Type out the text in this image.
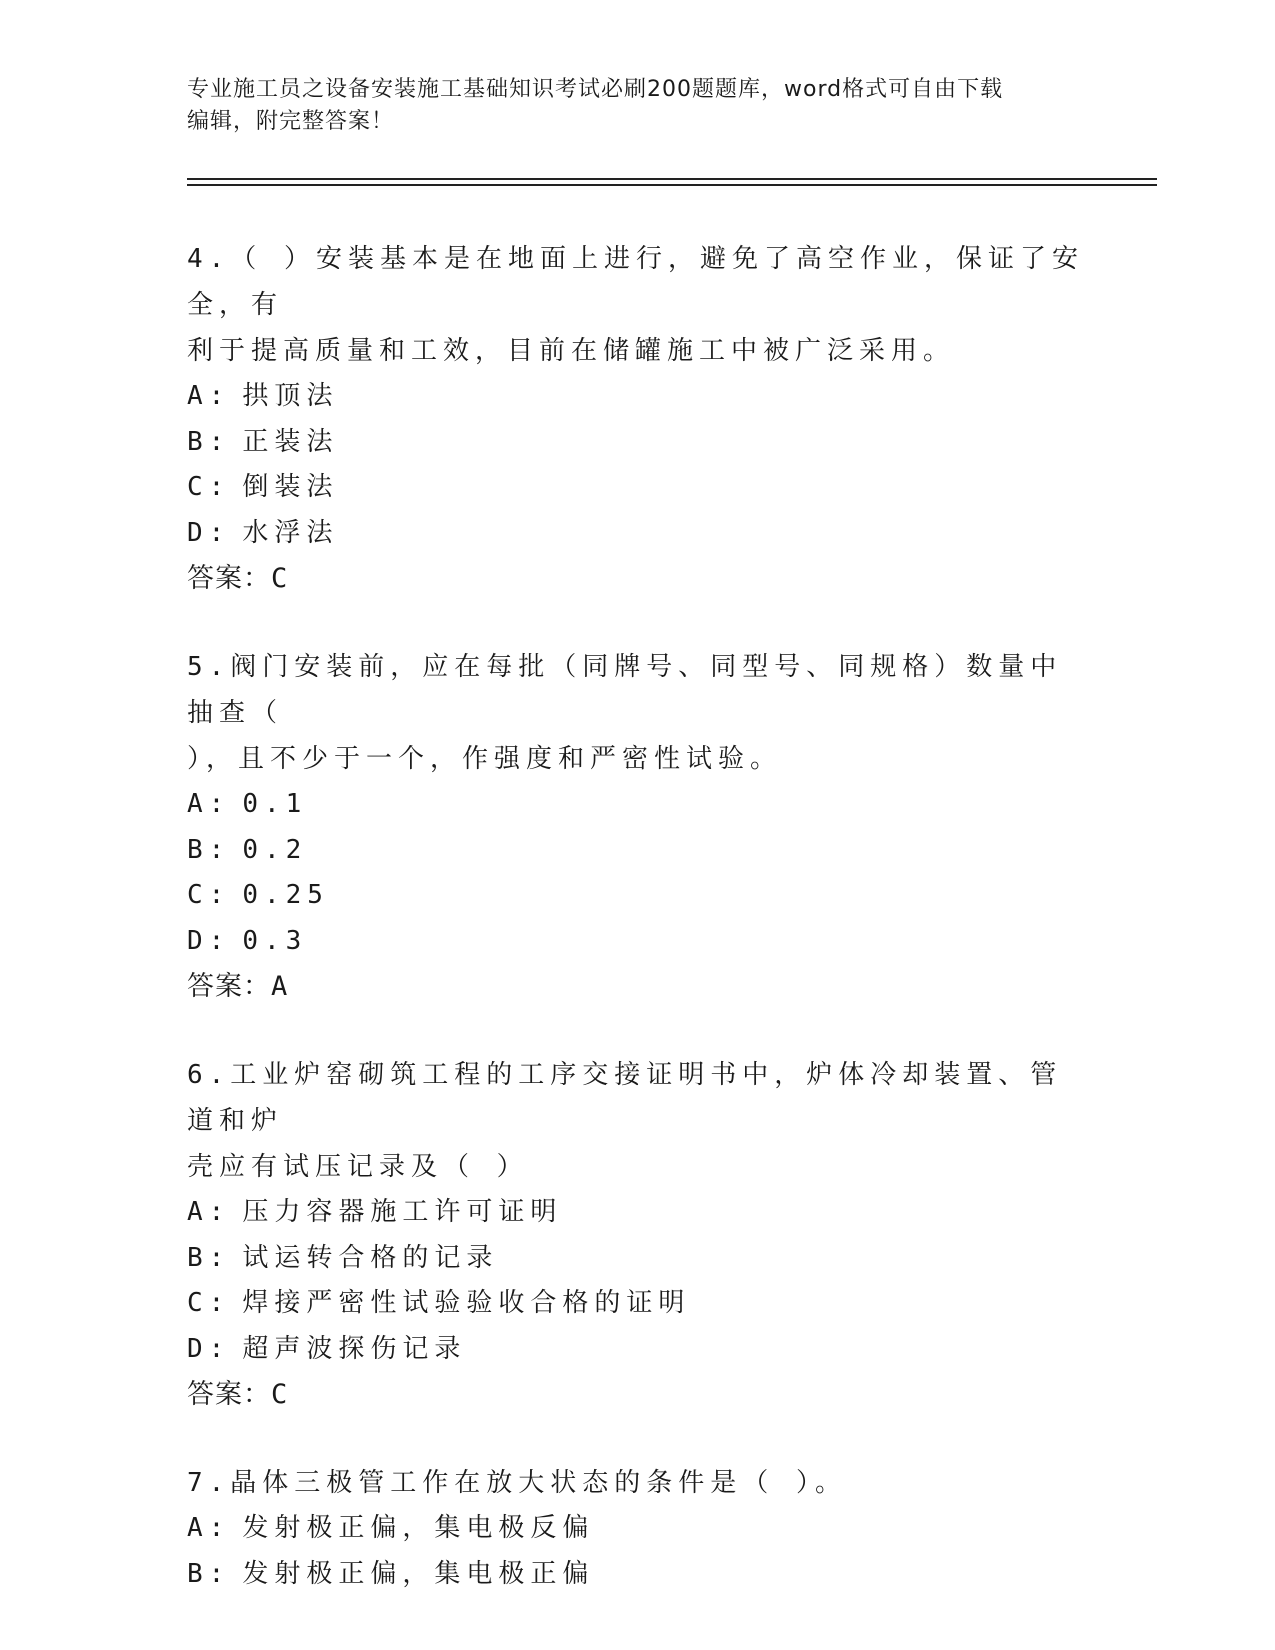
专业施工员之设备安装施工基础知识考试必刷200题题库，word格式可自由下载
编辑，附完整答案！
4.（ ）安装基本是在地面上进行，避免了高空作业，保证了安全，有
利于提高质量和工效，目前在储罐施工中被广泛采用。
A: 拱顶法
B: 正装法
C: 倒装法
D: 水浮法
答案：C
5.阀门安装前，应在每批（同牌号、同型号、同规格）数量中抽查（
），且不少于一个，作强度和严密性试验。
A: 0.1
B: 0.2
C: 0.25
D: 0.3
答案：A
6.工业炉窑砌筑工程的工序交接证明书中，炉体冷却装置、管道和炉
壳应有试压记录及（ ）
A: 压力容器施工许可证明
B: 试运转合格的记录
C: 焊接严密性试验验收合格的证明
D: 超声波探伤记录
答案：C
7.晶体三极管工作在放大状态的条件是（ ）。
A: 发射极正偏，集电极反偏
B: 发射极正偏，集电极正偏
